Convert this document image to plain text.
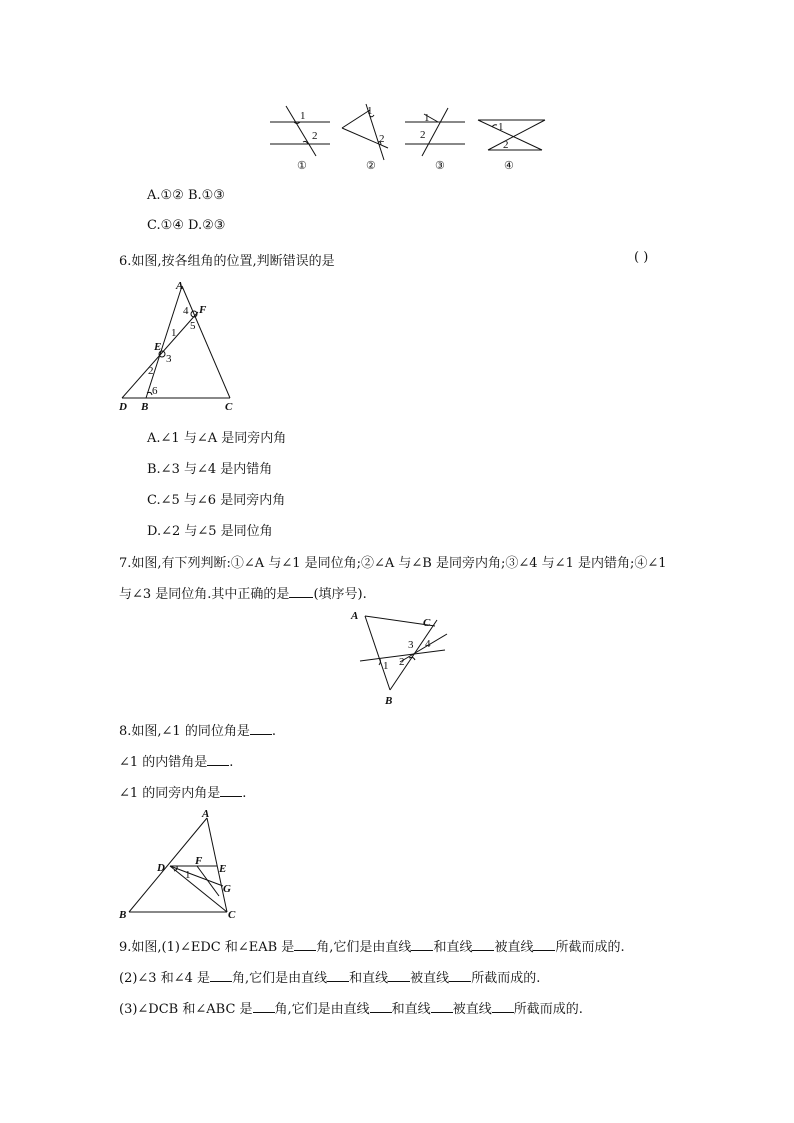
1
2
①
1
2
②
1
2
③
1
2
④
A.①② B.①③
C.①④ D.②③
6.如图,按各组角的位置,判断错误的是	( )
A
F
E
D B	C
4
1
5
3
2
6
A.∠1 与∠A 是同旁内角
B.∠3 与∠4 是内错角
C.∠5 与∠6 是同旁内角
D.∠2 与∠5 是同位角
7.如图,有下列判断:①∠A 与∠1 是同位角;②∠A 与∠B 是同旁内角;③∠4 与∠1 是内错角;④∠1
与∠3 是同位角.其中正确的是 (填序号).
A
C
B
3 4
2
1
8.如图,∠1 的同位角是 .
∠1 的内错角是 .
∠1 的同旁内角是 .
A
D
F
E
G
B	C
1
9.如图,(1)∠EDC 和∠EAB 是 角,它们是由直线 和直线 被直线 所截而成的.
(2)∠3 和∠4 是 角,它们是由直线 和直线 被直线 所截而成的.
(3)∠DCB 和∠ABC 是 角,它们是由直线 和直线 被直线 所截而成的.
